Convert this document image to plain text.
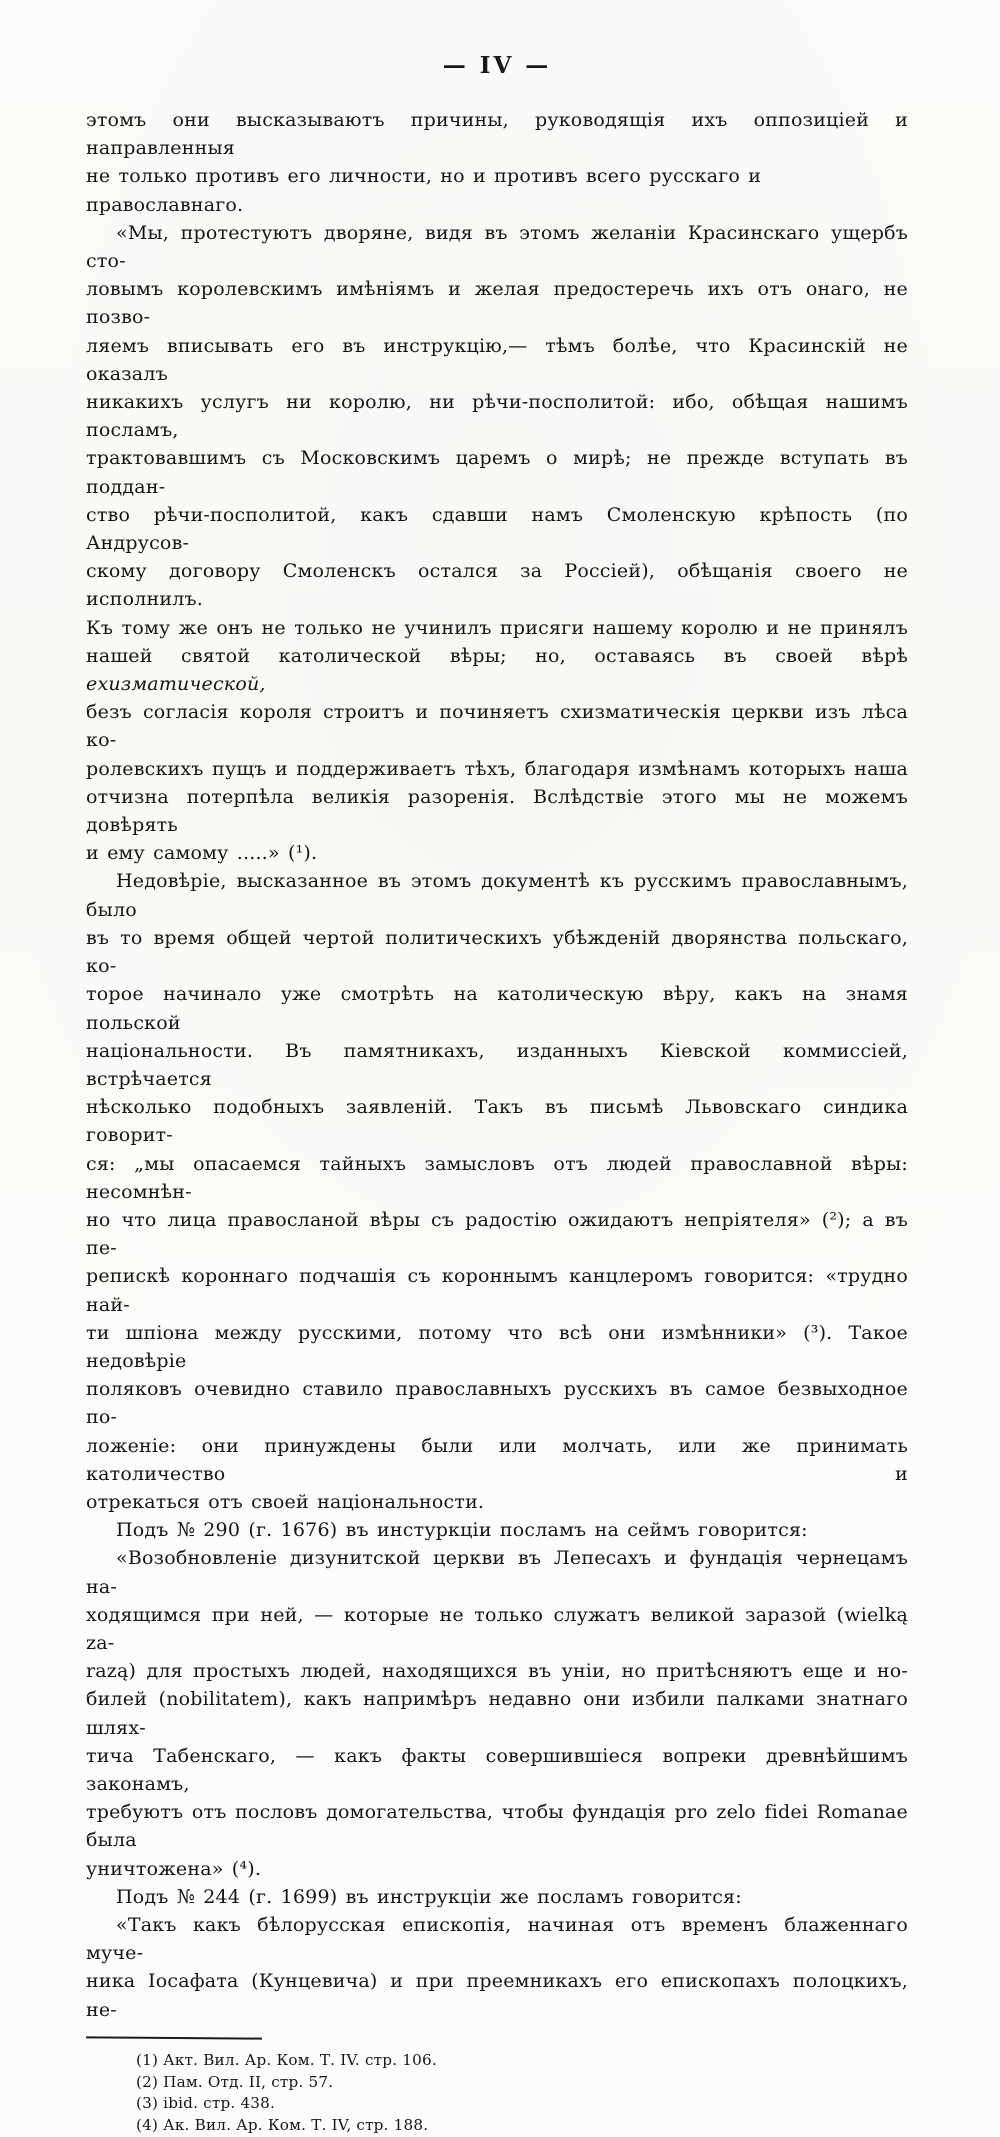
— IV —
этомъ они высказываютъ причины, руководящія ихъ оппозиціей и направленныя
не только противъ его личности, но и противъ всего русскаго и православнаго.
«Мы, протестуютъ дворяне, видя въ этомъ желаніи Красинскаго ущербъ сто-
ловымъ королевскимъ имѣніямъ и желая предостеречь ихъ отъ онаго, не позво-
ляемъ вписывать его въ инструкцію,— тѣмъ болѣе, что Красинскій не оказалъ
никакихъ услугъ ни королю, ни рѣчи-посполитой: ибо, обѣщая нашимъ посламъ,
трактовавшимъ съ Московскимъ царемъ о мирѣ; не прежде вступать въ поддан-
ство рѣчи-посполитой, какъ сдавши намъ Смоленскую крѣпость (по Андрусов-
скому договору Смоленскъ остался за Россіей), обѣщанія своего не исполнилъ.
Къ тому же онъ не только не учинилъ присяги нашему королю и не принялъ
нашей святой католической вѣры; но, оставаясь въ своей вѣрѣ ехизматической,
безъ согласія короля строитъ и починяетъ схизматическія церкви изъ лѣса ко-
ролевскихъ пущъ и поддерживаетъ тѣхъ, благодаря измѣнамъ которыхъ наша
отчизна потерпѣла великія разоренія. Вслѣдствіе этого мы не можемъ довѣрять
и ему самому .....» (¹).
Недовѣріе, высказанное въ этомъ документѣ къ русскимъ православнымъ, было
въ то время общей чертой политическихъ убѣжденій дворянства польскаго, ко-
торое начинало уже смотрѣть на католическую вѣру, какъ на знамя польской
національности. Въ памятникахъ, изданныхъ Кіевской коммиссіей, встрѣчается
нѣсколько подобныхъ заявленій. Такъ въ письмѣ Львовскаго синдика говорит-
ся: „мы опасаемся тайныхъ замысловъ отъ людей православной вѣры: несомнѣн-
но что лица правосланой вѣры съ радостію ожидаютъ непріятеля» (²); а въ пе-
репискѣ короннаго подчашія съ короннымъ канцлеромъ говорится: «трудно най-
ти шпіона между русскими, потому что всѣ они измѣнники» (³). Такое недовѣріе
поляковъ очевидно ставило православныхъ русскихъ въ самое безвыходное по-
ложеніе: они принуждены были или молчать, или же принимать католичество и
отрекаться отъ своей національности.
Подъ № 290 (г. 1676) въ инстуркціи посламъ на сеймъ говорится:
«Возобновленіе дизунитской церкви въ Лепесахъ и фундація чернецамъ на-
ходящимся при ней, — которые не только служатъ великой заразой (wielką za-
razą) для простыхъ людей, находящихся въ уніи, но притѣсняютъ еще и но-
билей (nobilitatem), какъ напримѣръ недавно они избили палками знатнаго шлях-
тича Табенскаго, — какъ факты совершившіеся вопреки древнѣйшимъ законамъ,
требуютъ отъ пословъ домогательства, чтобы фундація pro zelo fidei Romanae была
уничтожена» (⁴).
Подъ № 244 (г. 1699) въ инструкціи же посламъ говорится:
«Такъ какъ бѣлорусская епископія, начиная отъ временъ блаженнаго муче-
ника Іосафата (Кунцевича) и при преемникахъ его епископахъ полоцкихъ, не-
(1) Акт. Вил. Ар. Ком. Т. IV. стр. 106.
(2) Пам. Отд. II, стр. 57.
(3) ibid. стр. 438.
(4) Ак. Вил. Ар. Ком. Т. IV, стр. 188.
